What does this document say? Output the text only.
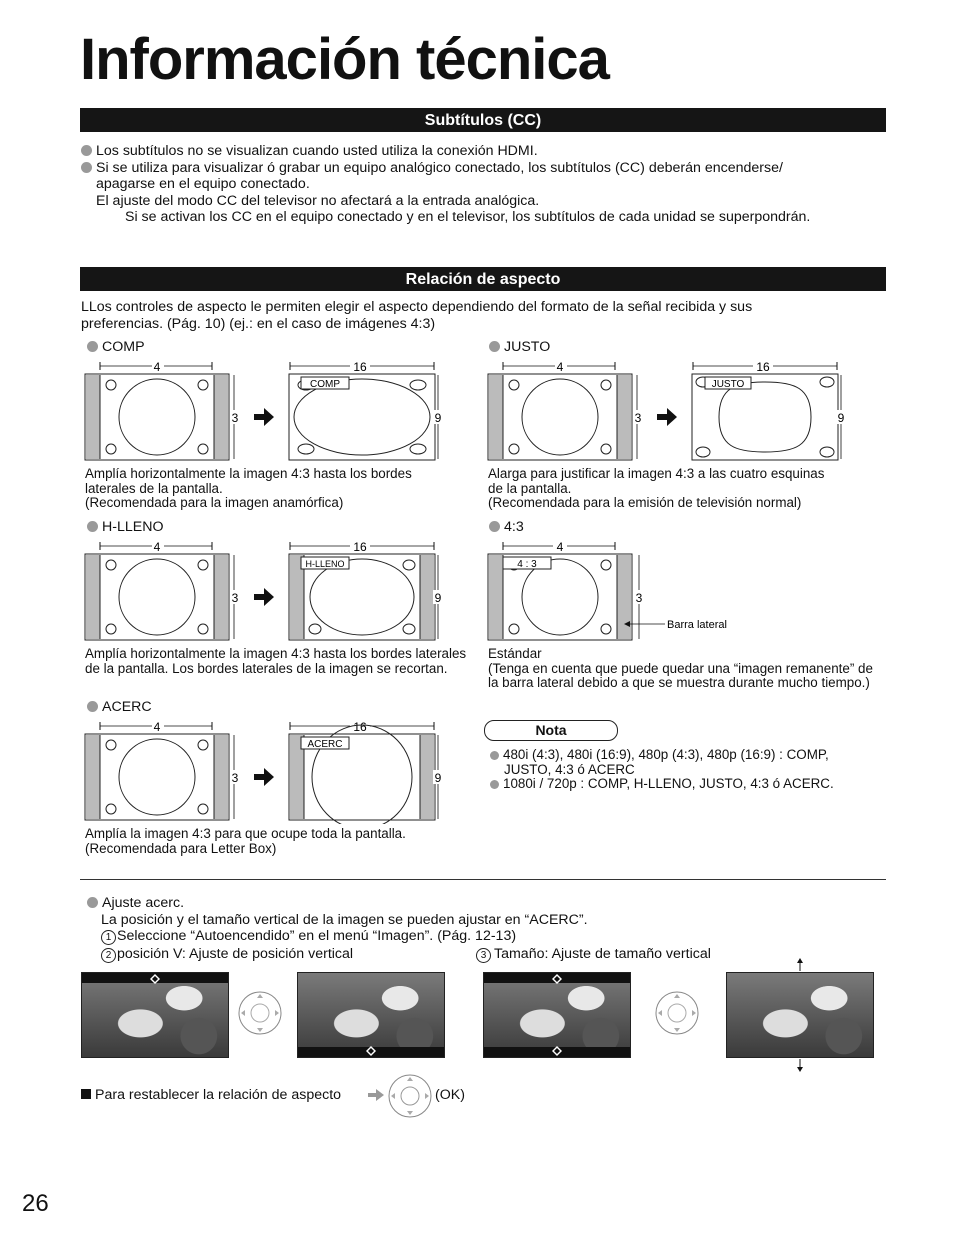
Información técnica
Subtítulos (CC)
Los subtítulos no se visualizan cuando usted utiliza la conexión HDMI.
Si se utiliza para visualizar ó grabar un equipo analógico conectado, los subtítulos (CC) deberán encenderse/
apagarse en el equipo conectado.
El ajuste del modo CC del televisor no afectará a la entrada analógica.
Si se activan los CC en el equipo conectado y en el televisor, los subtítulos de cada unidad se superpondrán.
Relación de aspecto
LLos controles de aspecto le permiten elegir el aspecto dependiendo del formato de la señal recibida y sus
preferencias. (Pág. 10) (ej.: en el caso de imágenes 4:3)
COMP	JUSTO
H-LLENO	4:3
ACERC
4
3
16
COMP
9
Amplía horizontalmente la imagen 4:3 hasta los bordes
laterales de la pantalla.
(Recomendada para la imagen anamórfica)
4
3
16
JUSTO
9
Alarga para justificar la imagen 4:3 a las cuatro esquinas
de la pantalla.
(Recomendada para la emisión de televisión normal)
4
3
16
H-LLENO
9
Amplía horizontalmente la imagen 4:3 hasta los bordes laterales
de la pantalla. Los bordes laterales de la imagen se recortan.
4
4 : 3
3
Barra lateral
Estándar
(Tenga en cuenta que puede quedar una “imagen remanente” de
la barra lateral debido a que se muestra durante mucho tiempo.)
4
3
16
ACERC
9
Amplía la imagen 4:3 para que ocupe toda la pantalla.
(Recomendada para Letter Box)
Nota
480i (4:3), 480i (16:9), 480p (4:3), 480p (16:9) : COMP,
JUSTO, 4:3 ó ACERC
1080i / 720p : COMP, H-LLENO, JUSTO, 4:3 ó ACERC.
Ajuste acerc.
La posición y el tamaño vertical de la imagen se pueden ajustar en “ACERC”.
1 Seleccione “Autoencendido” en el menú “Imagen”. (Pág. 12-13)
2 posición V: Ajuste de posición vertical	3 Tamaño: Ajuste de tamaño vertical
Para restablecer la relación de aspecto	(OK)
26
